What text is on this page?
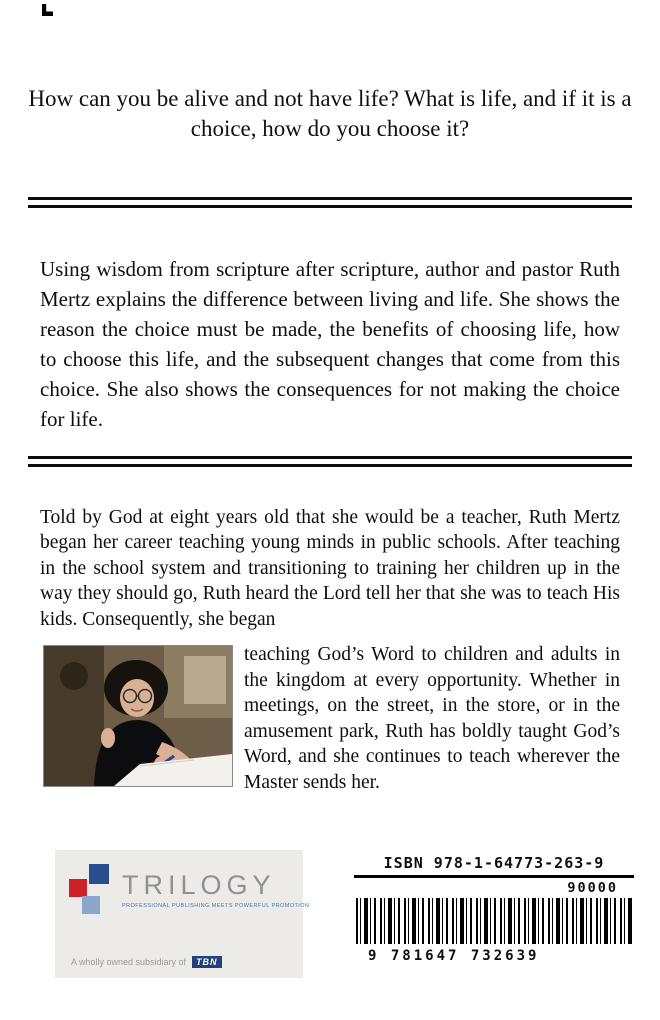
How can you be alive and not have life? What is life, and if it is a choice, how do you choose it?

Using wisdom from scripture after scripture, author and pastor Ruth Mertz explains the difference between living and life. She shows the reason the choice must be made, the benefits of choosing life, how to choose this life, and the subsequent changes that come from this choice. She also shows the consequences for not making the choice for life.

Told by God at eight years old that she would be a teacher, Ruth Mertz began her career teaching young minds in public schools. After teaching in the school system and transitioning to training her children up in the way they should go, Ruth heard the Lord tell her that she was to teach His kids. Consequently, she began

teaching God’s Word to children and adults in the kingdom at every opportunity. Whether in meetings, on the street, in the store, or in the amusement park, Ruth has boldly taught God’s Word, and she continues to teach wherever the Master sends her.

TRILOGY
PROFESSIONAL PUBLISHING MEETS POWERFUL PROMOTION
A wholly owned subsidiary of	TBN
ISBN 978-1-64773-263-9
90000
9 781647 732639
